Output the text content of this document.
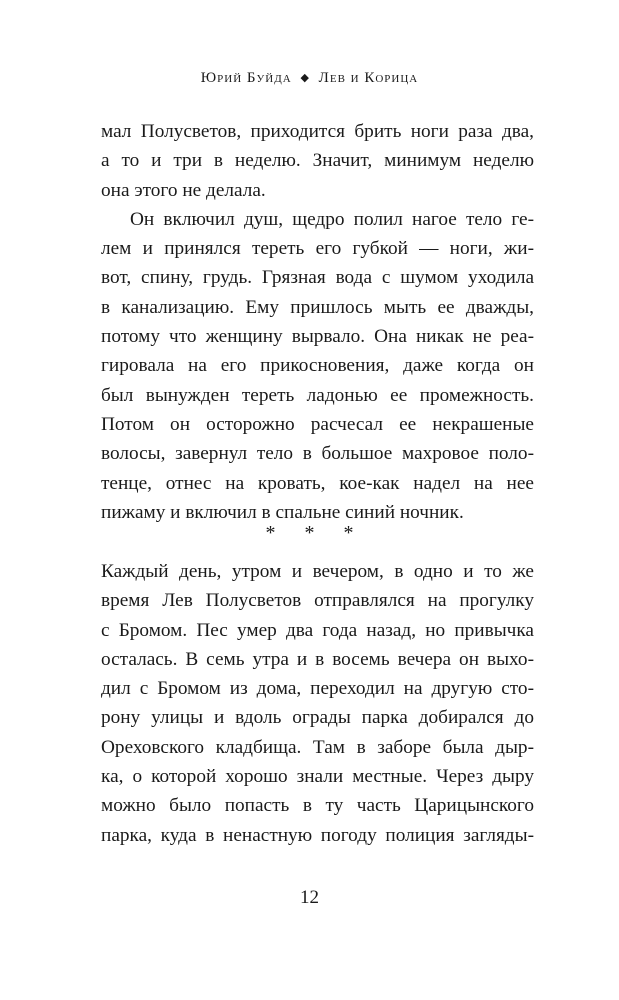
Юрий Буйда ◆ Лев и Корица
мал Полусветов, приходится брить ноги раза два,
а то и три в неделю. Значит, минимум неделю
она этого не делала.
Он включил душ, щедро полил нагое тело ге-
лем и принялся тереть его губкой — ноги, жи-
вот, спину, грудь. Грязная вода с шумом уходила
в канализацию. Ему пришлось мыть ее дважды,
потому что женщину вырвало. Она никак не реа-
гировала на его прикосновения, даже когда он
был вынужден тереть ладонью ее промежность.
Потом он осторожно расчесал ее некрашеные
волосы, завернул тело в большое махровое поло-
тенце, отнес на кровать, кое-как надел на нее
пижаму и включил в спальне синий ночник.
* * *
Каждый день, утром и вечером, в одно и то же
время Лев Полусветов отправлялся на прогулку
с Бромом. Пес умер два года назад, но привычка
осталась. В семь утра и в восемь вечера он выхо-
дил с Бромом из дома, переходил на другую сто-
рону улицы и вдоль ограды парка добирался до
Ореховского кладбища. Там в заборе была дыр-
ка, о которой хорошо знали местные. Через дыру
можно было попасть в ту часть Царицынского
парка, куда в ненастную погоду полиция загляды-
12
